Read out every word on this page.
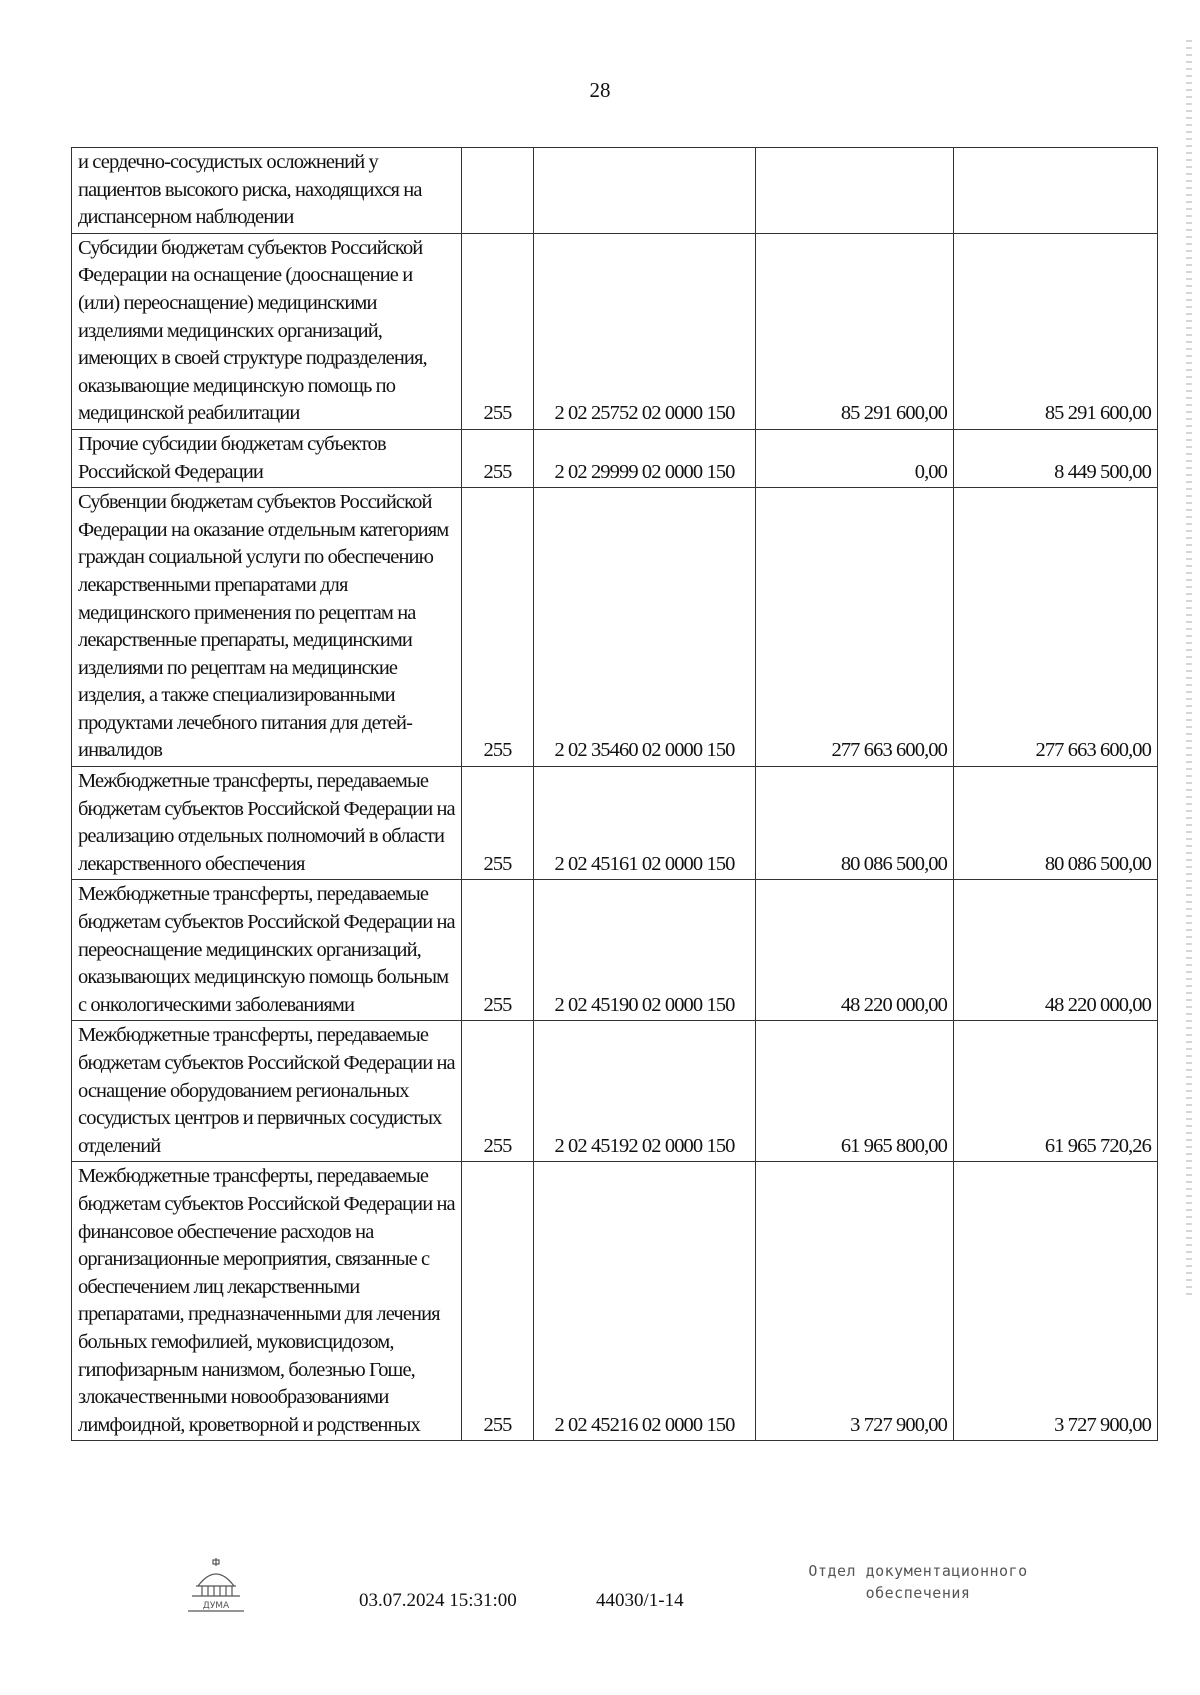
28
и сердечно-сосудистых осложнений у пациентов высокого риска, находящихся на диспансерном наблюдении				
Субсидии бюджетам субъектов Российской Федерации на оснащение (дооснащение и (или) переоснащение) медицинскими изделиями медицинских организаций, имеющих в своей структуре подразделения, оказывающие медицинскую помощь по медицинской реабилитации	255	2 02 25752 02 0000 150	85 291 600,00	85 291 600,00
Прочие субсидии бюджетам субъектов Российской Федерации	255	2 02 29999 02 0000 150	0,00	8 449 500,00
Субвенции бюджетам субъектов Российской Федерации на оказание отдельным категориям граждан социальной услуги по обеспечению лекарственными препаратами для медицинского применения по рецептам на лекарственные препараты, медицинскими изделиями по рецептам на медицинские изделия, а также специализированными продуктами лечебного питания для детей-инвалидов	255	2 02 35460 02 0000 150	277 663 600,00	277 663 600,00
Межбюджетные трансферты, передаваемые бюджетам субъектов Российской Федерации на реализацию отдельных полномочий в области лекарственного обеспечения	255	2 02 45161 02 0000 150	80 086 500,00	80 086 500,00
Межбюджетные трансферты, передаваемые бюджетам субъектов Российской Федерации на переоснащение медицинских организаций, оказывающих медицинскую помощь больным с онкологическими заболеваниями	255	2 02 45190 02 0000 150	48 220 000,00	48 220 000,00
Межбюджетные трансферты, передаваемые бюджетам субъектов Российской Федерации на оснащение оборудованием региональных сосудистых центров и первичных сосудистых отделений	255	2 02 45192 02 0000 150	61 965 800,00	61 965 720,26
Межбюджетные трансферты, передаваемые бюджетам субъектов Российской Федерации на финансовое обеспечение расходов на организационные мероприятия, связанные с обеспечением лиц лекарственными препаратами, предназначенными для лечения больных гемофилией, муковисцидозом, гипофизарным нанизмом, болезнью Гоше, злокачественными новообразованиями лимфоидной, кроветворной и родственных	255	2 02 45216 02 0000 150	3 727 900,00	3 727 900,00
ДУМА	03.07.2024 15:31:00	44030/1-14
Отдел документационного
обеспечения
